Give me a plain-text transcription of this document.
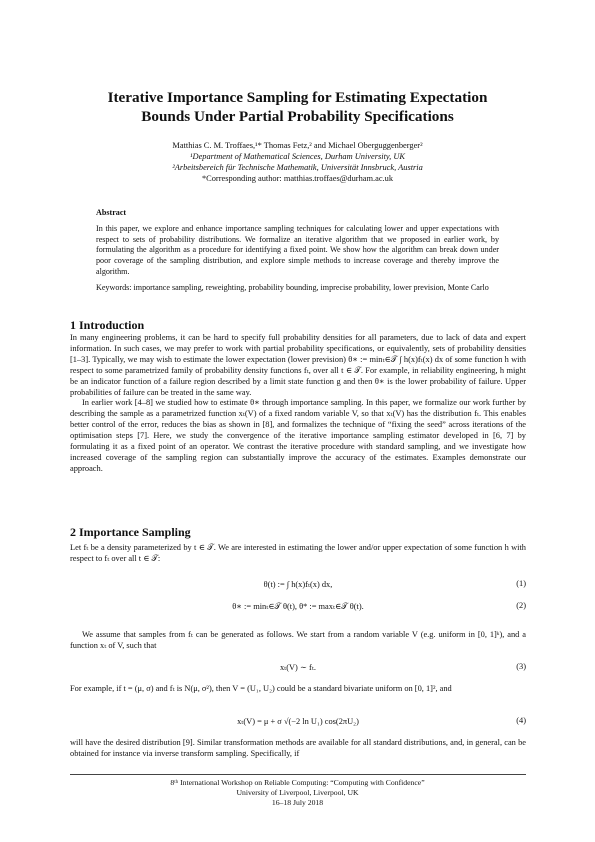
Iterative Importance Sampling for Estimating Expectation
Bounds Under Partial Probability Specifications
Matthias C. M. Troffaes,¹* Thomas Fetz,² and Michael Oberguggenberger²
¹Department of Mathematical Sciences, Durham University, UK
²Arbeitsbereich für Technische Mathematik, Universität Innsbruck, Austria
*Corresponding author: matthias.troffaes@durham.ac.uk
Abstract

In this paper, we explore and enhance importance sampling techniques for calculating lower and upper expectations with respect to sets of probability distributions. We formalize an iterative algorithm that we proposed in earlier work, by formulating the algorithm as a procedure for identifying a fixed point. We show how the algorithm can break down under poor coverage of the sampling distribution, and explore simple methods to increase coverage and thereby improve the algorithm.

Keywords: importance sampling, reweighting, probability bounding, imprecise probability, lower prevision, Monte Carlo

1 Introduction

In many engineering problems, it can be hard to specify full probability densities for all parameters, due to lack of data and expert information. In such cases, we may prefer to work with partial probability specifications, or equivalently, sets of probability densities [1–3]. Typically, we may wish to estimate the lower expectation (lower prevision) θ∗ := minₜ∈𝒯 ∫ h(x)fₜ(x) dx of some function h with respect to some parametrized family of probability density functions fₜ, over all t ∈ 𝒯. For example, in reliability engineering, h might be an indicator function of a failure region described by a limit state function g and then θ∗ is the lower probability of failure. Upper probabilities of failure can be treated in the same way.

In earlier work [4–8] we studied how to estimate θ∗ through importance sampling. In this paper, we formalize our work further by describing the sample as a parametrized function xₜ(V) of a fixed random variable V, so that xₜ(V) has the distribution fₜ. This enables better control of the error, reduces the bias as shown in [8], and formalizes the technique of “fixing the seed” across iterations of the optimisation steps [7]. Here, we study the convergence of the iterative importance sampling estimator developed in [6, 7] by formulating it as a fixed point of an operator. We contrast the iterative procedure with standard sampling, and we investigate how increased coverage of the sampling region can substantially improve the accuracy of the estimates. Examples demonstrate our approach.

2 Importance Sampling
Let fₜ be a density parameterized by t ∈ 𝒯. We are interested in estimating the lower and/or upper expectation of some function h with respect to fₜ over all t ∈ 𝒯:
θ(t) := ∫ h(x)fₜ(x) dx,	(1)
θ∗ := minₜ∈𝒯 θ(t), θ* := maxₜ∈𝒯 θ(t).	(2)
We assume that samples from fₜ can be generated as follows. We start from a random variable V (e.g. uniform in [0, 1]ᵏ), and a function xₜ of V, such that
xₜ(V) ∼ fₜ.	(3)
For example, if t = (μ, σ) and fₜ is N(μ, σ²), then V = (U₁, U₂) could be a standard bivariate uniform on [0, 1]², and
xₜ(V) = μ + σ √(−2 ln U₁) cos(2πU₂)	(4)
will have the desired distribution [9]. Similar transformation methods are available for all standard distributions, and, in general, can be obtained for instance via inverse transform sampling. Specifically, if
8ᵗʰ International Workshop on Reliable Computing: “Computing with Confidence”
University of Liverpool, Liverpool, UK
16–18 July 2018
